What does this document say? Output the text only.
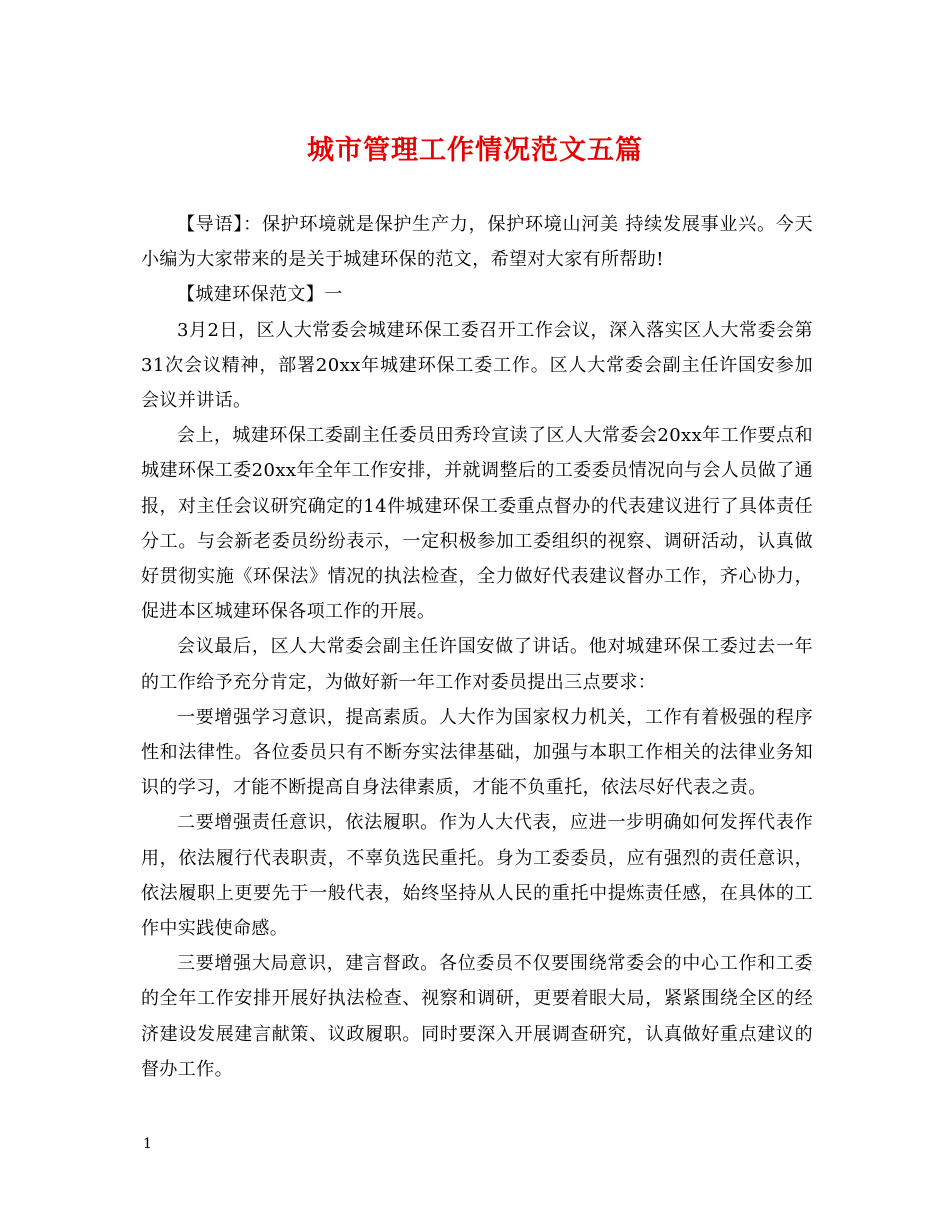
城市管理工作情况范文五篇

【导语】：保护环境就是保护生产力，保护环境山河美 持续发展事业兴。今天小编为大家带来的是关于城建环保的范文，希望对大家有所帮助!

【城建环保范文】一

3月2日，区人大常委会城建环保工委召开工作会议，深入落实区人大常委会第31次会议精神，部署20xx年城建环保工委工作。区人大常委会副主任许国安参加会议并讲话。

会上，城建环保工委副主任委员田秀玲宣读了区人大常委会20xx年工作要点和城建环保工委20xx年全年工作安排，并就调整后的工委委员情况向与会人员做了通报，对主任会议研究确定的14件城建环保工委重点督办的代表建议进行了具体责任分工。与会新老委员纷纷表示，一定积极参加工委组织的视察、调研活动，认真做好贯彻实施《环保法》情况的执法检查，全力做好代表建议督办工作，齐心协力，促进本区城建环保各项工作的开展。

会议最后，区人大常委会副主任许国安做了讲话。他对城建环保工委过去一年的工作给予充分肯定，为做好新一年工作对委员提出三点要求：

一要增强学习意识，提高素质。人大作为国家权力机关，工作有着极强的程序性和法律性。各位委员只有不断夯实法律基础，加强与本职工作相关的法律业务知识的学习，才能不断提高自身法律素质，才能不负重托，依法尽好代表之责。

二要增强责任意识，依法履职。作为人大代表，应进一步明确如何发挥代表作用，依法履行代表职责，不辜负选民重托。身为工委委员，应有强烈的责任意识，依法履职上更要先于一般代表，始终坚持从人民的重托中提炼责任感，在具体的工作中实践使命感。

三要增强大局意识，建言督政。各位委员不仅要围绕常委会的中心工作和工委的全年工作安排开展好执法检查、视察和调研，更要着眼大局，紧紧围绕全区的经济建设发展建言献策、议政履职。同时要深入开展调查研究，认真做好重点建议的督办工作。

1
